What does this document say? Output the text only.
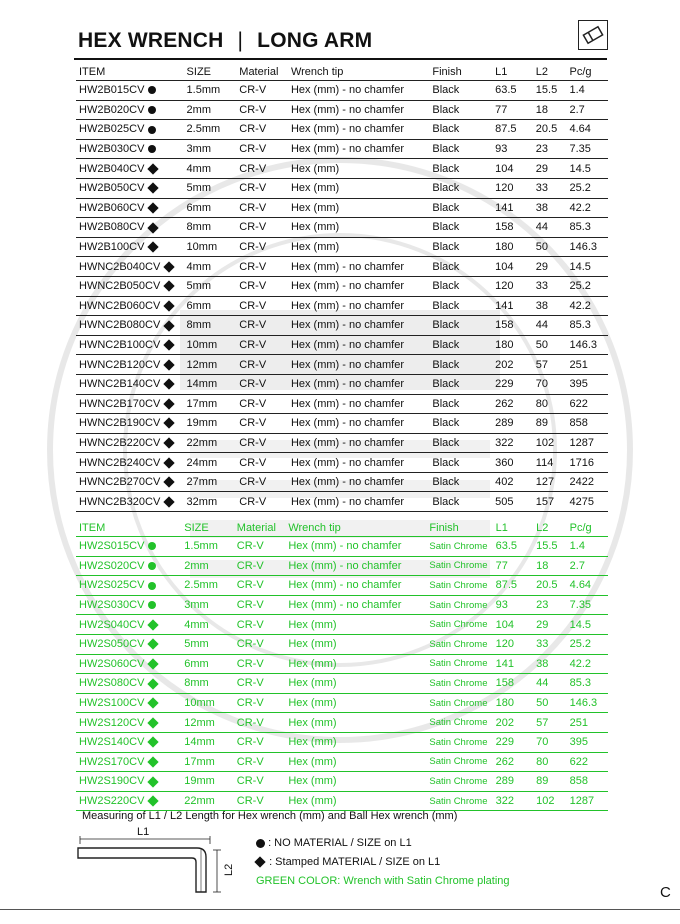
HEX WRENCH | LONG ARM
ITEM	SIZE	Material	Wrench tip	Finish	L1	L2	Pc/g
HW2B015CV	1.5mm	CR-V	Hex (mm) - no chamfer	Black	63.5	15.5	1.4
HW2B020CV	2mm	CR-V	Hex (mm) - no chamfer	Black	77	18	2.7
HW2B025CV	2.5mm	CR-V	Hex (mm) - no chamfer	Black	87.5	20.5	4.64
HW2B030CV	3mm	CR-V	Hex (mm) - no chamfer	Black	93	23	7.35
HW2B040CV	4mm	CR-V	Hex (mm)	Black	104	29	14.5
HW2B050CV	5mm	CR-V	Hex (mm)	Black	120	33	25.2
HW2B060CV	6mm	CR-V	Hex (mm)	Black	141	38	42.2
HW2B080CV	8mm	CR-V	Hex (mm)	Black	158	44	85.3
HW2B100CV	10mm	CR-V	Hex (mm)	Black	180	50	146.3
HWNC2B040CV	4mm	CR-V	Hex (mm) - no chamfer	Black	104	29	14.5
HWNC2B050CV	5mm	CR-V	Hex (mm) - no chamfer	Black	120	33	25.2
HWNC2B060CV	6mm	CR-V	Hex (mm) - no chamfer	Black	141	38	42.2
HWNC2B080CV	8mm	CR-V	Hex (mm) - no chamfer	Black	158	44	85.3
HWNC2B100CV	10mm	CR-V	Hex (mm) - no chamfer	Black	180	50	146.3
HWNC2B120CV	12mm	CR-V	Hex (mm) - no chamfer	Black	202	57	251
HWNC2B140CV	14mm	CR-V	Hex (mm) - no chamfer	Black	229	70	395
HWNC2B170CV	17mm	CR-V	Hex (mm) - no chamfer	Black	262	80	622
HWNC2B190CV	19mm	CR-V	Hex (mm) - no chamfer	Black	289	89	858
HWNC2B220CV	22mm	CR-V	Hex (mm) - no chamfer	Black	322	102	1287
HWNC2B240CV	24mm	CR-V	Hex (mm) - no chamfer	Black	360	114	1716
HWNC2B270CV	27mm	CR-V	Hex (mm) - no chamfer	Black	402	127	2422
HWNC2B320CV	32mm	CR-V	Hex (mm) - no chamfer	Black	505	157	4275
ITEM	SIZE	Material	Wrench tip	Finish	L1	L2	Pc/g
HW2S015CV	1.5mm	CR-V	Hex (mm) - no chamfer	Satin Chrome	63.5	15.5	1.4
HW2S020CV	2mm	CR-V	Hex (mm) - no chamfer	Satin Chrome	77	18	2.7
HW2S025CV	2.5mm	CR-V	Hex (mm) - no chamfer	Satin Chrome	87.5	20.5	4.64
HW2S030CV	3mm	CR-V	Hex (mm) - no chamfer	Satin Chrome	93	23	7.35
HW2S040CV	4mm	CR-V	Hex (mm)	Satin Chrome	104	29	14.5
HW2S050CV	5mm	CR-V	Hex (mm)	Satin Chrome	120	33	25.2
HW2S060CV	6mm	CR-V	Hex (mm)	Satin Chrome	141	38	42.2
HW2S080CV	8mm	CR-V	Hex (mm)	Satin Chrome	158	44	85.3
HW2S100CV	10mm	CR-V	Hex (mm)	Satin Chrome	180	50	146.3
HW2S120CV	12mm	CR-V	Hex (mm)	Satin Chrome	202	57	251
HW2S140CV	14mm	CR-V	Hex (mm)	Satin Chrome	229	70	395
HW2S170CV	17mm	CR-V	Hex (mm)	Satin Chrome	262	80	622
HW2S190CV	19mm	CR-V	Hex (mm)	Satin Chrome	289	89	858
HW2S220CV	22mm	CR-V	Hex (mm)	Satin Chrome	322	102	1287
Measuring of L1 / L2 Length for Hex wrench (mm) and Ball Hex wrench (mm)
L1
L2
: NO MATERIAL / SIZE on L1
: Stamped MATERIAL / SIZE on L1
GREEN COLOR: Wrench with Satin Chrome plating
C
